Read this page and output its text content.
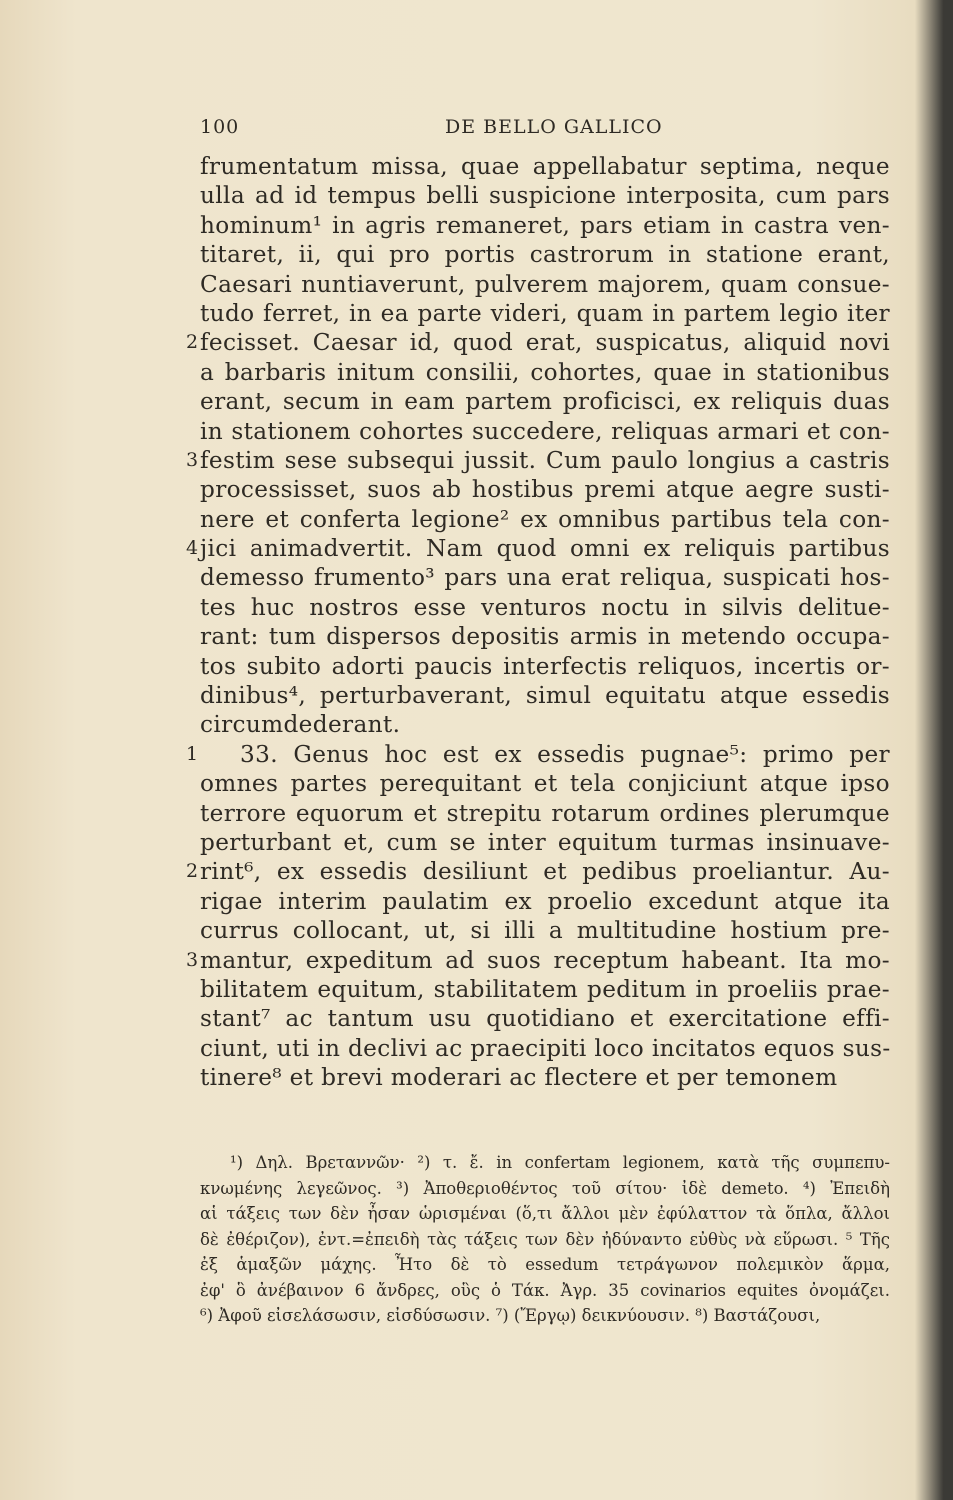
100	DE BELLO GALLICO
frumentatum missa, quae appellabatur septima, neque
ulla ad id tempus belli suspicione interposita, cum pars
hominum¹ in agris remaneret, pars etiam in castra ven-
titaret, ii, qui pro portis castrorum in statione erant,
Caesari nuntiaverunt, pulverem majorem, quam consue-
tudo ferret, in ea parte videri, quam in partem legio iter
fecisset. Caesar id, quod erat, suspicatus, aliquid novi
2
a barbaris initum consilii, cohortes, quae in stationibus
erant, secum in eam partem proficisci, ex reliquis duas
in stationem cohortes succedere, reliquas armari et con-
festim sese subsequi jussit. Cum paulo longius a castris
3
processisset, suos ab hostibus premi atque aegre susti-
nere et conferta legione² ex omnibus partibus tela con-
jici animadvertit. Nam quod omni ex reliquis partibus
4
demesso frumento³ pars una erat reliqua, suspicati hos-
tes huc nostros esse venturos noctu in silvis delitue-
rant: tum dispersos depositis armis in metendo occupa-
tos subito adorti paucis interfectis reliquos, incertis or-
dinibus⁴, perturbaverant, simul equitatu atque essedis
circumdederant.
33. Genus hoc est ex essedis pugnae⁵: primo per
1
omnes partes perequitant et tela conjiciunt atque ipso
terrore equorum et strepitu rotarum ordines plerumque
perturbant et, cum se inter equitum turmas insinuave-
rint⁶, ex essedis desiliunt et pedibus proeliantur. Au-
2
rigae interim paulatim ex proelio excedunt atque ita
currus collocant, ut, si illi a multitudine hostium pre-
mantur, expeditum ad suos receptum habeant. Ita mo-
3
bilitatem equitum, stabilitatem peditum in proeliis prae-
stant⁷ ac tantum usu quotidiano et exercitatione effi-
ciunt, uti in declivi ac praecipiti loco incitatos equos sus-
tinere⁸ et brevi moderari ac flectere et per temonem
¹) Δηλ. Βρεταννῶν· ²) τ. ἔ. in confertam legionem, κατὰ τῆς συμπεπυ-
κνωμένης λεγεῶνος. ³) Ἀποθεριοθέντος τοῦ σίτου· ἰδὲ demeto. ⁴) Ἐπειδὴ
αἱ τάξεις των δὲν ἦσαν ὡρισμέναι (ὅ,τι ἄλλοι μὲν ἐφύλαττον τὰ ὅπλα, ἄλλοι
δὲ ἐθέριζον), ἐντ.=ἐπειδὴ τὰς τάξεις των δὲν ἠδύναντο εὐθὺς νὰ εὕρωσι. ⁵ Τῆς
ἐξ ἁμαξῶν μάχης. Ἦτο δὲ τὸ essedum τετράγωνον πολεμικὸν ἅρμα,
ἐφ' ὃ ἀνέβαινον 6 ἄνδρες, οὓς ὁ Τάκ. Ἀγρ. 35 covinarios equites ὀνομάζει.
⁶) Ἀφοῦ εἰσελάσωσιν, εἰσδύσωσιν. ⁷) (Ἔργῳ) δεικνύουσιν. ⁸) Βαστάζουσι,
